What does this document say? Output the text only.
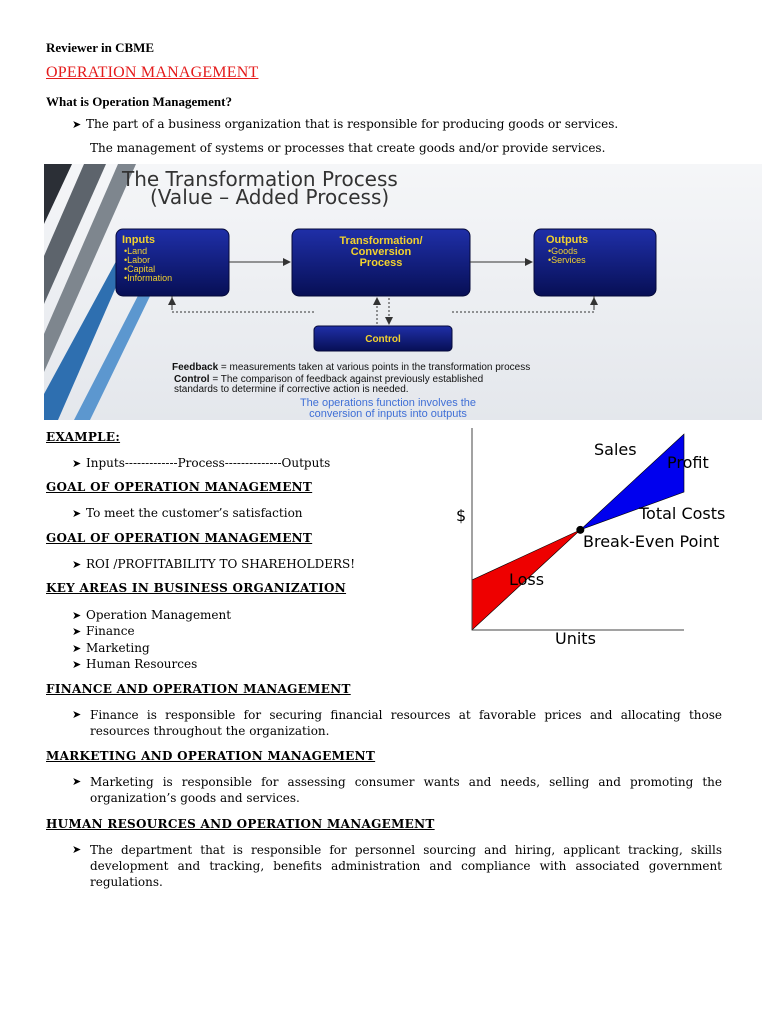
Reviewer in CBME
OPERATION MANAGEMENT
What is Operation Management?
➤ The part of a business organization that is responsible for producing goods or services.
The management of systems or processes that create goods and/or provide services.
The Transformation Process
(Value – Added Process)
Inputs
•Land
•Labor
•Capital
•Information
Transformation/
Conversion
Process
Outputs
•Goods
•Services
Control
Feedback = measurements taken at various points in the transformation process
Control = The comparison of feedback against previously established
standards to determine if corrective action is needed.
The operations function involves the
conversion of inputs into outputs
EXAMPLE:
➤ Inputs-------------Process--------------Outputs
GOAL OF OPERATION MANAGEMENT
➤ To meet the customer’s satisfaction
GOAL OF OPERATION MANAGEMENT
➤ ROI /PROFITABILITY TO SHAREHOLDERS!
KEY AREAS IN BUSINESS ORGANIZATION
➤ Operation Management
➤ Finance
➤ Marketing
➤ Human Resources
FINANCE AND OPERATION MANAGEMENT
➤ Finance is responsible for securing financial resources at favorable prices and allocating those resources throughout the organization.
MARKETING AND OPERATION MANAGEMENT
➤ Marketing is responsible for assessing consumer wants and needs, selling and promoting the organization’s goods and services.
HUMAN RESOURCES AND OPERATION MANAGEMENT
➤ The department that is responsible for personnel sourcing and hiring, applicant tracking, skills development and tracking, benefits administration and compliance with associated government regulations.
Sales
Profit
Total Costs
Break-Even Point
Loss
$
Units
